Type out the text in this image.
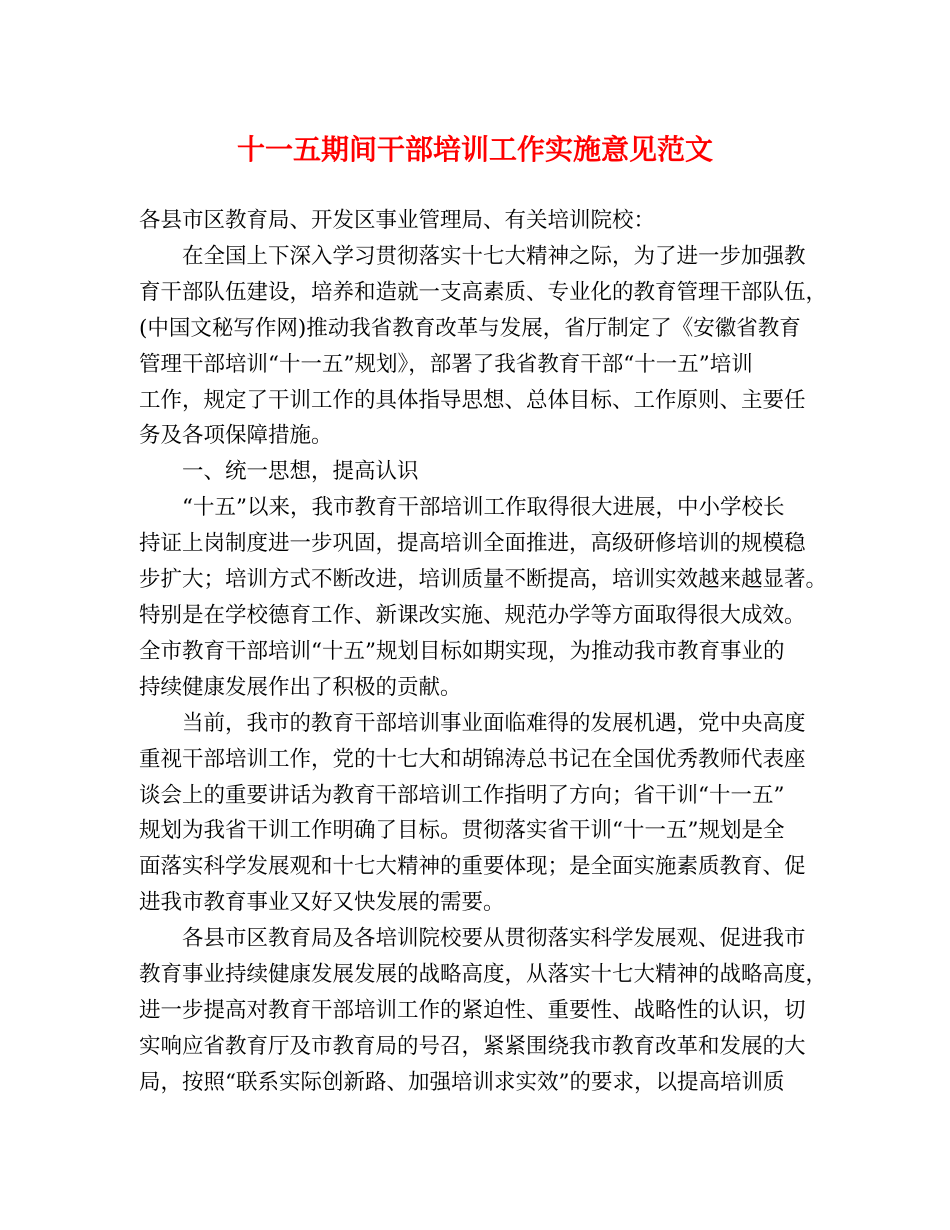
十一五期间干部培训工作实施意见范文

各县市区教育局、开发区事业管理局、有关培训院校：

在全国上下深入学习贯彻落实十七大精神之际，为了进一步加强教

育干部队伍建设，培养和造就一支高素质、专业化的教育管理干部队伍，

(中国文秘写作网)推动我省教育改革与发展，省厅制定了《安徽省教育

管理干部培训“十一五”规划》，部署了我省教育干部“十一五”培训

工作，规定了干训工作的具体指导思想、总体目标、工作原则、主要任

务及各项保障措施。

一、统一思想，提高认识

“十五”以来，我市教育干部培训工作取得很大进展，中小学校长

持证上岗制度进一步巩固，提高培训全面推进，高级研修培训的规模稳

步扩大；培训方式不断改进，培训质量不断提高，培训实效越来越显著。

特别是在学校德育工作、新课改实施、规范办学等方面取得很大成效。

全市教育干部培训“十五”规划目标如期实现，为推动我市教育事业的

持续健康发展作出了积极的贡献。

当前，我市的教育干部培训事业面临难得的发展机遇，党中央高度

重视干部培训工作，党的十七大和胡锦涛总书记在全国优秀教师代表座

谈会上的重要讲话为教育干部培训工作指明了方向；省干训“十一五”

规划为我省干训工作明确了目标。贯彻落实省干训“十一五”规划是全

面落实科学发展观和十七大精神的重要体现；是全面实施素质教育、促

进我市教育事业又好又快发展的需要。

各县市区教育局及各培训院校要从贯彻落实科学发展观、促进我市

教育事业持续健康发展发展的战略高度，从落实十七大精神的战略高度，

进一步提高对教育干部培训工作的紧迫性、重要性、战略性的认识，切

实响应省教育厅及市教育局的号召，紧紧围绕我市教育改革和发展的大

局，按照“联系实际创新路、加强培训求实效”的要求，以提高培训质
